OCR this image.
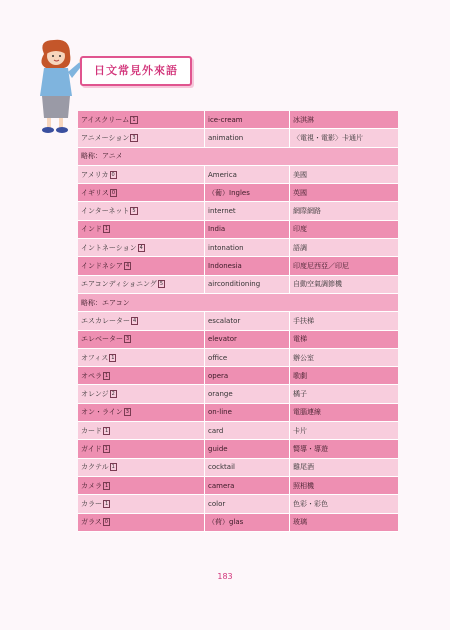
日文常見外來語
アイスクリーム 1	ice-cream	冰淇淋
アニメーション 3	animation	〈電視・電影〉卡通片
略称：アニメ		
アメリカ 0	America	美國
イギリス 0	（葡）Ingles	英國
インターネット 5	internet	網際網路
インド 1	India	印度
イントネーション 4	intonation	語調
インドネシア 4	Indonesia	印度尼西亞／印尼
エアコンディショニング 5	airconditioning	自動空氣調節機
略称：エアコン		
エスカレーター 4	escalator	手扶梯
エレベーター 3	elevator	電梯
オフィス 1	office	辦公室
オペラ 1	opera	歌劇
オレンジ 2	orange	橘子
オン・ライン 3	on-line	電腦連線
カード 1	card	卡片
ガイド 1	guide	嚮導・導遊
カクテル 1	cocktail	雞尾酒
カメラ 1	camera	照相機
カラー 1	color	色彩・彩色
ガラス 0	（荷）glas	玻璃
183
